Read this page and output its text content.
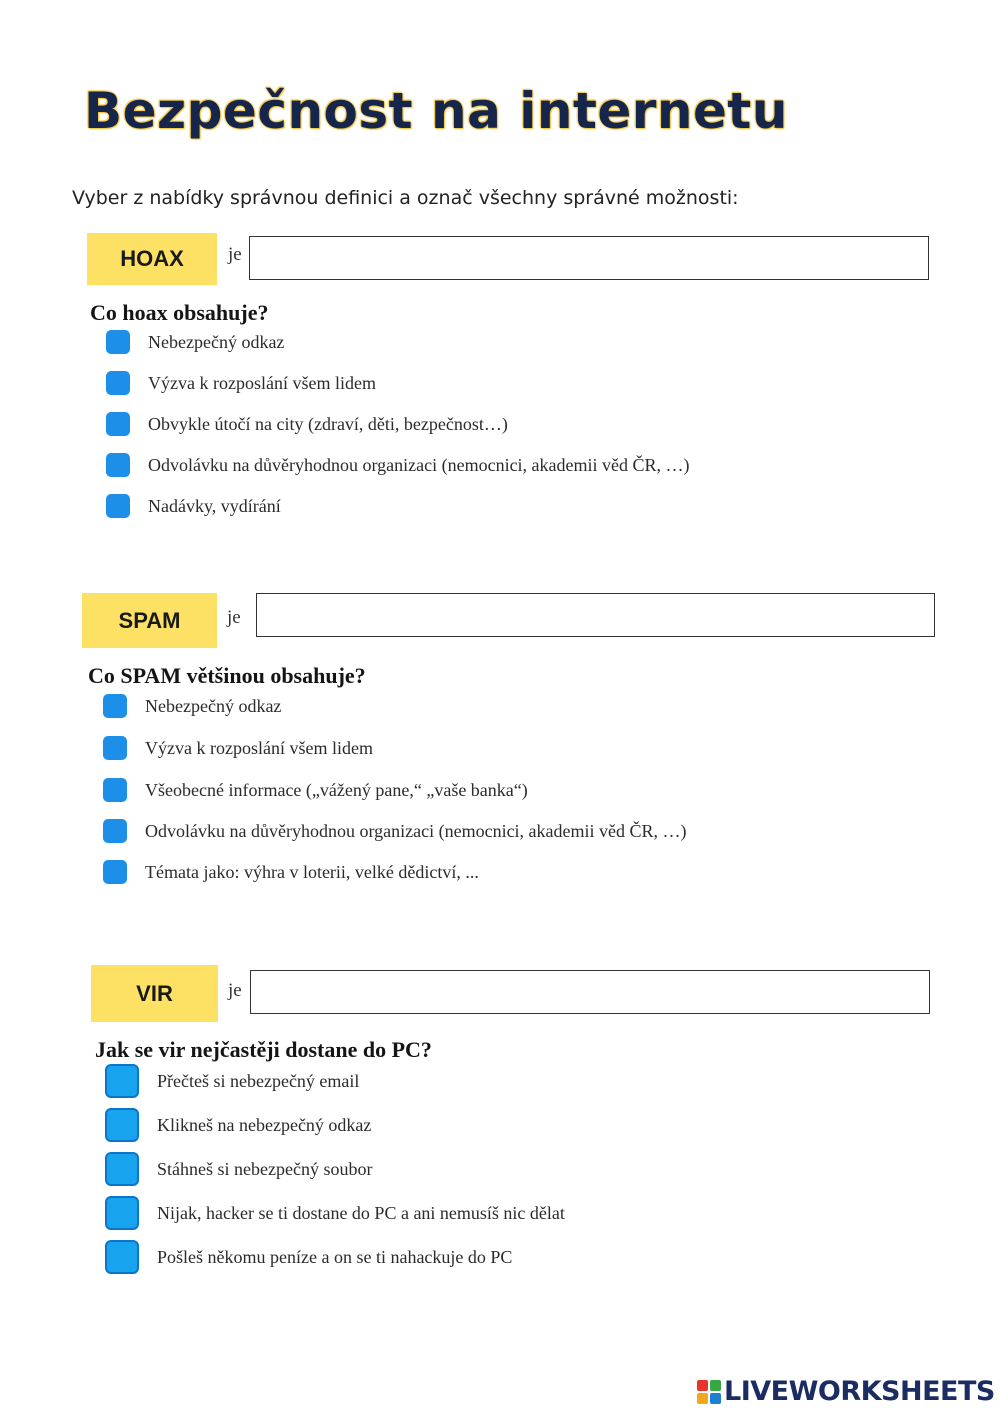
Bezpečnost na internetu

Vyber z nabídky správnou definici a označ všechny správné možnosti:

HOAX	je

Co hoax obsahuje?

Nebezpečný odkaz
Výzva k rozposlání všem lidem
Obvykle útočí na city (zdraví, děti, bezpečnost…)
Odvolávku na důvěryhodnou organizaci (nemocnici, akademii věd ČR, …)
Nadávky, vydírání
SPAM	je

Co SPAM většinou obsahuje?

Nebezpečný odkaz
Výzva k rozposlání všem lidem
Všeobecné informace („vážený pane,“ „vaše banka“)
Odvolávku na důvěryhodnou organizaci (nemocnici, akademii věd ČR, …)
Témata jako: výhra v loterii, velké dědictví, ...
VIR	je

Jak se vir nejčastěji dostane do PC?

Přečteš si nebezpečný email
Klikneš na nebezpečný odkaz
Stáhneš si nebezpečný soubor
Nijak, hacker se ti dostane do PC a ani nemusíš nic dělat
Pošleš někomu peníze a on se ti nahackuje do PC
LIVEWORKSHEETS
